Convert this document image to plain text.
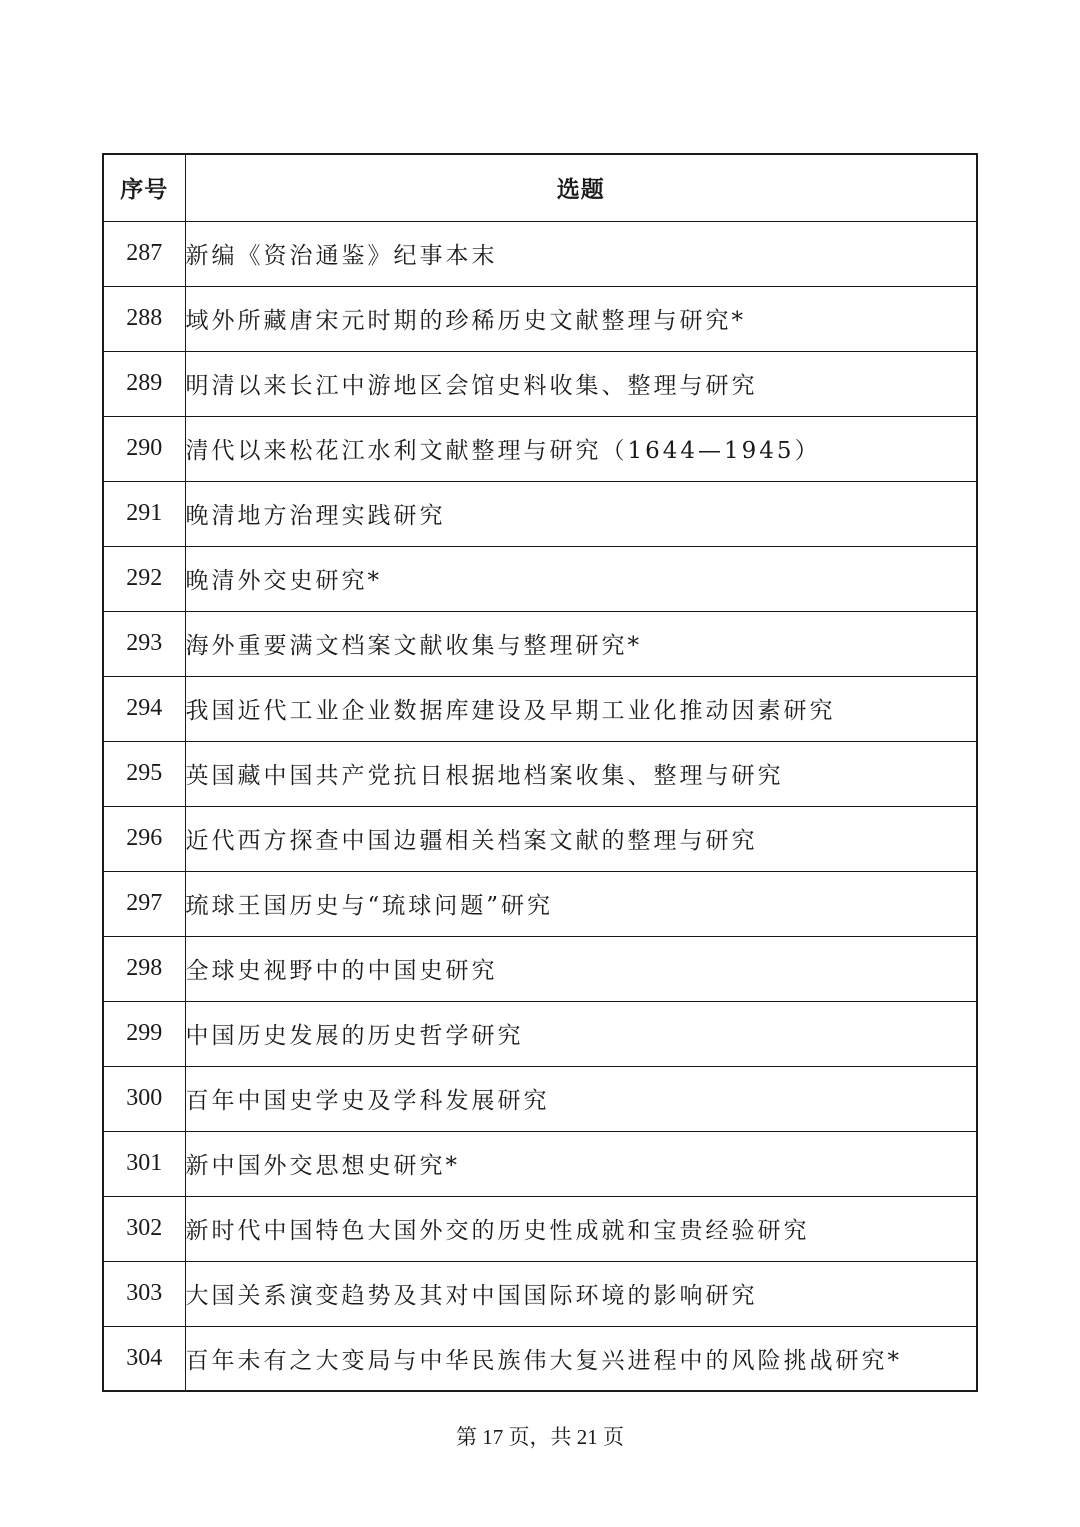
序号	选题
287	新编《资治通鉴》纪事本末
288	域外所藏唐宋元时期的珍稀历史文献整理与研究*
289	明清以来长江中游地区会馆史料收集、整理与研究
290	清代以来松花江水利文献整理与研究（1644—1945）
291	晚清地方治理实践研究
292	晚清外交史研究*
293	海外重要满文档案文献收集与整理研究*
294	我国近代工业企业数据库建设及早期工业化推动因素研究
295	英国藏中国共产党抗日根据地档案收集、整理与研究
296	近代西方探查中国边疆相关档案文献的整理与研究
297	琉球王国历史与“琉球问题”研究
298	全球史视野中的中国史研究
299	中国历史发展的历史哲学研究
300	百年中国史学史及学科发展研究
301	新中国外交思想史研究*
302	新时代中国特色大国外交的历史性成就和宝贵经验研究
303	大国关系演变趋势及其对中国国际环境的影响研究
304	百年未有之大变局与中华民族伟大复兴进程中的风险挑战研究*
第 17 页，共 21 页
